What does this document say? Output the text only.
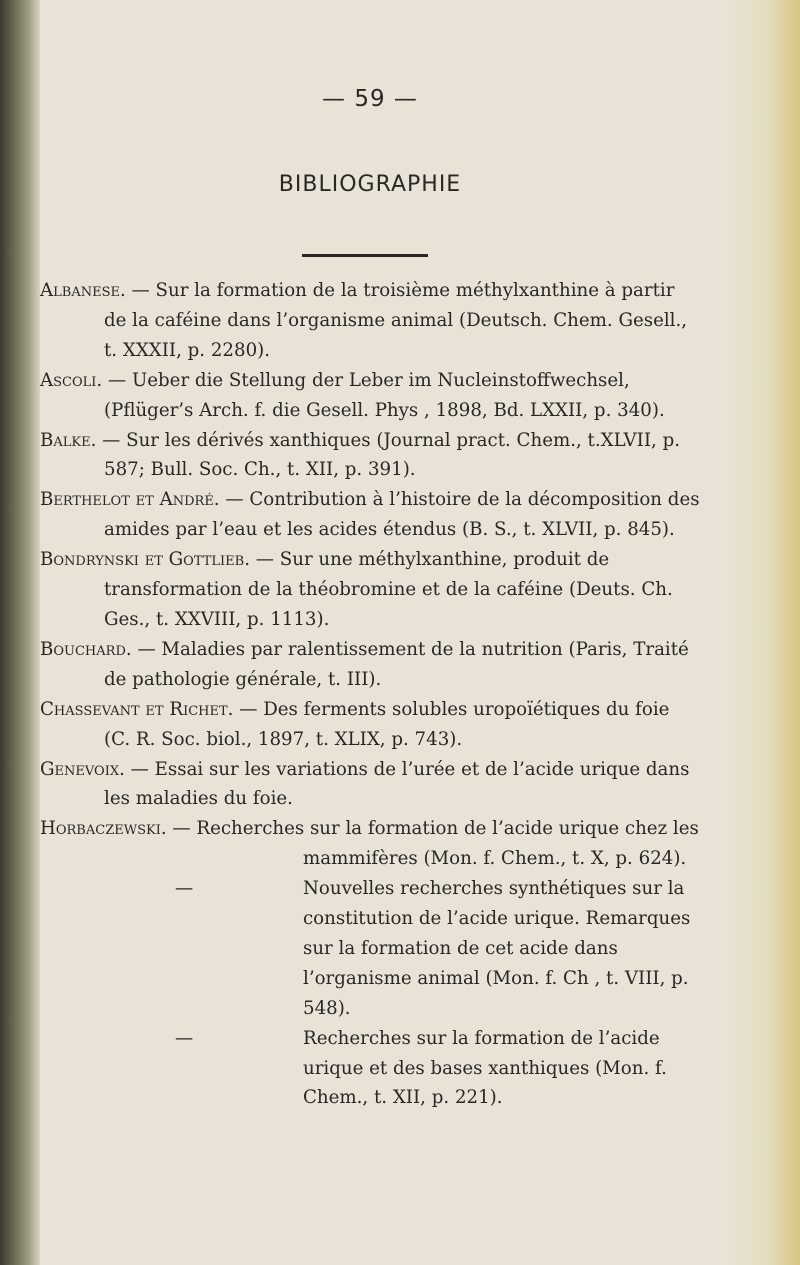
— 59 —
BIBLIOGRAPHIE

Albanese. — Sur la formation de la troisième méthylxanthine à partir de la caféine dans l’organisme animal (Deutsch. Chem. Gesell., t. XXXII, p. 2280).

Ascoli. — Ueber die Stellung der Leber im Nucleinstoffwechsel, (Pflüger’s Arch. f. die Gesell. Phys , 1898, Bd. LXXII, p. 340).

Balke. — Sur les dérivés xanthiques (Journal pract. Chem., t.XLVII, p. 587; Bull. Soc. Ch., t. XII, p. 391).

Berthelot et André. — Contribution à l’histoire de la décomposition des amides par l’eau et les acides étendus (B. S., t. XLVII, p. 845).

Bondrynski et Gottlieb. — Sur une méthylxanthine, produit de transformation de la théobromine et de la caféine (Deuts. Ch. Ges., t. XXVIII, p. 1113).

Bouchard. — Maladies par ralentissement de la nutrition (Paris, Traité de pathologie générale, t. III).

Chassevant et Richet. — Des ferments solubles uropoïétiques du foie (C. R. Soc. biol., 1897, t. XLIX, p. 743).

Genevoix. — Essai sur les variations de l’urée et de l’acide urique dans les maladies du foie.

Horbaczewski. — Recherches sur la formation de l’acide urique chez les mammifères (Mon. f. Chem., t. X, p. 624).

—	Nouvelles recherches synthétiques sur la constitution de l’acide urique. Remarques sur la formation de cet acide dans l’organisme animal (Mon. f. Ch , t. VIII, p. 548).

—	Recherches sur la formation de l’acide urique et des bases xanthiques (Mon. f. Chem., t. XII, p. 221).
